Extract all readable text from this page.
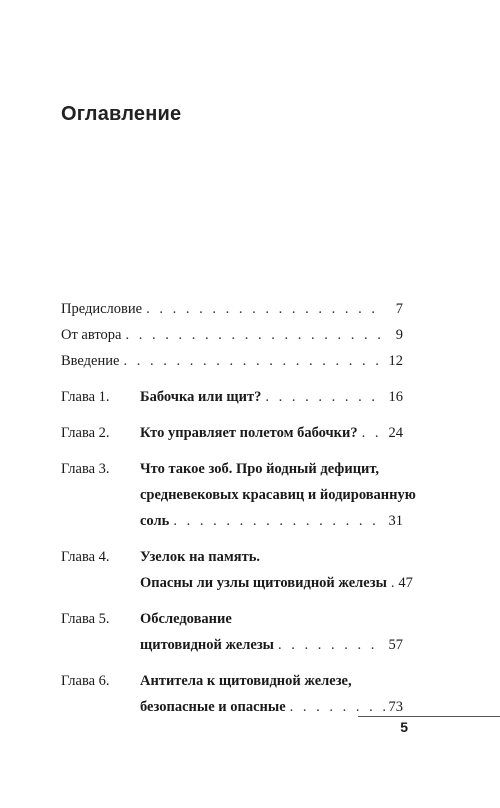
Оглавление
Предисловие . . .	7
От автора . . .	9
Введение . . .	12
Глава 1.	Бабочка или щит? . . .	16
Глава 2.	Кто управляет полетом бабочки? . . . 24
Глава 3.	Что такое зоб. Про йодный дефицит,
средневековых красавиц и йодированную
соль . . .	31
Глава 4.	Узелок на память.
Опасны ли узлы щитовидной железы . . . 47
Глава 5.	Обследование
щитовидной железы . . .	57
Глава 6.	Антитела к щитовидной железе,
безопасные и опасные . . .	73
5
